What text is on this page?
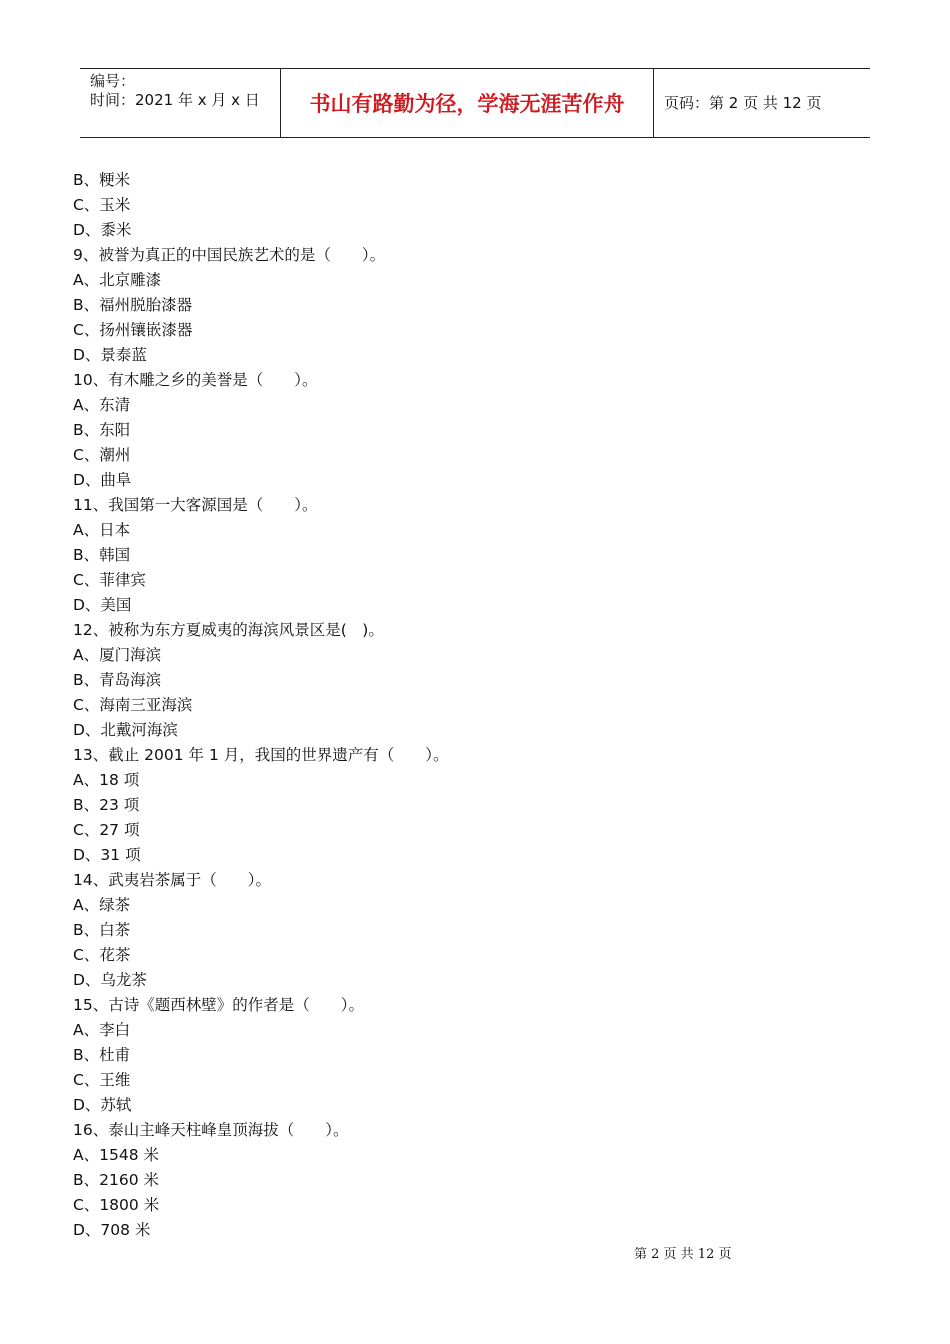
编号：
时间：2021 年 x 月 x 日	书山有路勤为径，学海无涯苦作舟	页码：第 2 页 共 12 页
B、粳米
C、玉米
D、黍米
9、被誉为真正的中国民族艺术的是（　　）。
A、北京雕漆
B、福州脱胎漆器
C、扬州镶嵌漆器
D、景泰蓝
10、有木雕之乡的美誉是（　　）。
A、东清
B、东阳
C、潮州
D、曲阜
11、我国第一大客源国是（　　）。
A、日本
B、韩国
C、菲律宾
D、美国
12、被称为东方夏威夷的海滨风景区是(　)。
A、厦门海滨
B、青岛海滨
C、海南三亚海滨
D、北戴河海滨
13、截止 2001 年 1 月，我国的世界遗产有（　　）。
A、18 项
B、23 项
C、27 项
D、31 项
14、武夷岩茶属于（　　）。
A、绿茶
B、白茶
C、花茶
D、乌龙茶
15、古诗《题西林壁》的作者是（　　）。
A、李白
B、杜甫
C、王维
D、苏轼
16、泰山主峰天柱峰皇顶海拔（　　）。
A、1548 米
B、2160 米
C、1800 米
D、708 米
第 2 页 共 12 页
